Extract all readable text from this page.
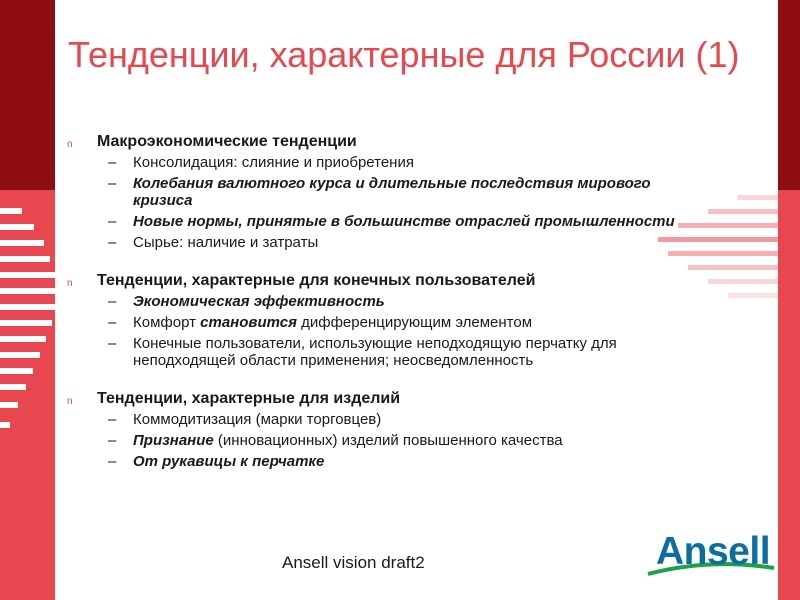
Тенденции, характерные для России (1)
n Макроэкономические тенденции
– Консолидация: слияние и приобретения
– Колебания валютного курса и длительные последствия мирового кризиса
– Новые нормы, принятые в большинстве отраслей промышленности
– Сырье: наличие и затраты
n Тенденции, характерные для конечных пользователей
– Экономическая эффективность
– Комфорт становится дифференцирующим элементом
– Конечные пользователи, использующие неподходящую перчатку для неподходящей области применения; неосведомленность
n Тенденции, характерные для изделий
– Коммодитизация (марки торговцев)
– Признание (инновационных) изделий повышенного качества
– От рукавицы к перчатке
Ansell vision draft2	Ansell
